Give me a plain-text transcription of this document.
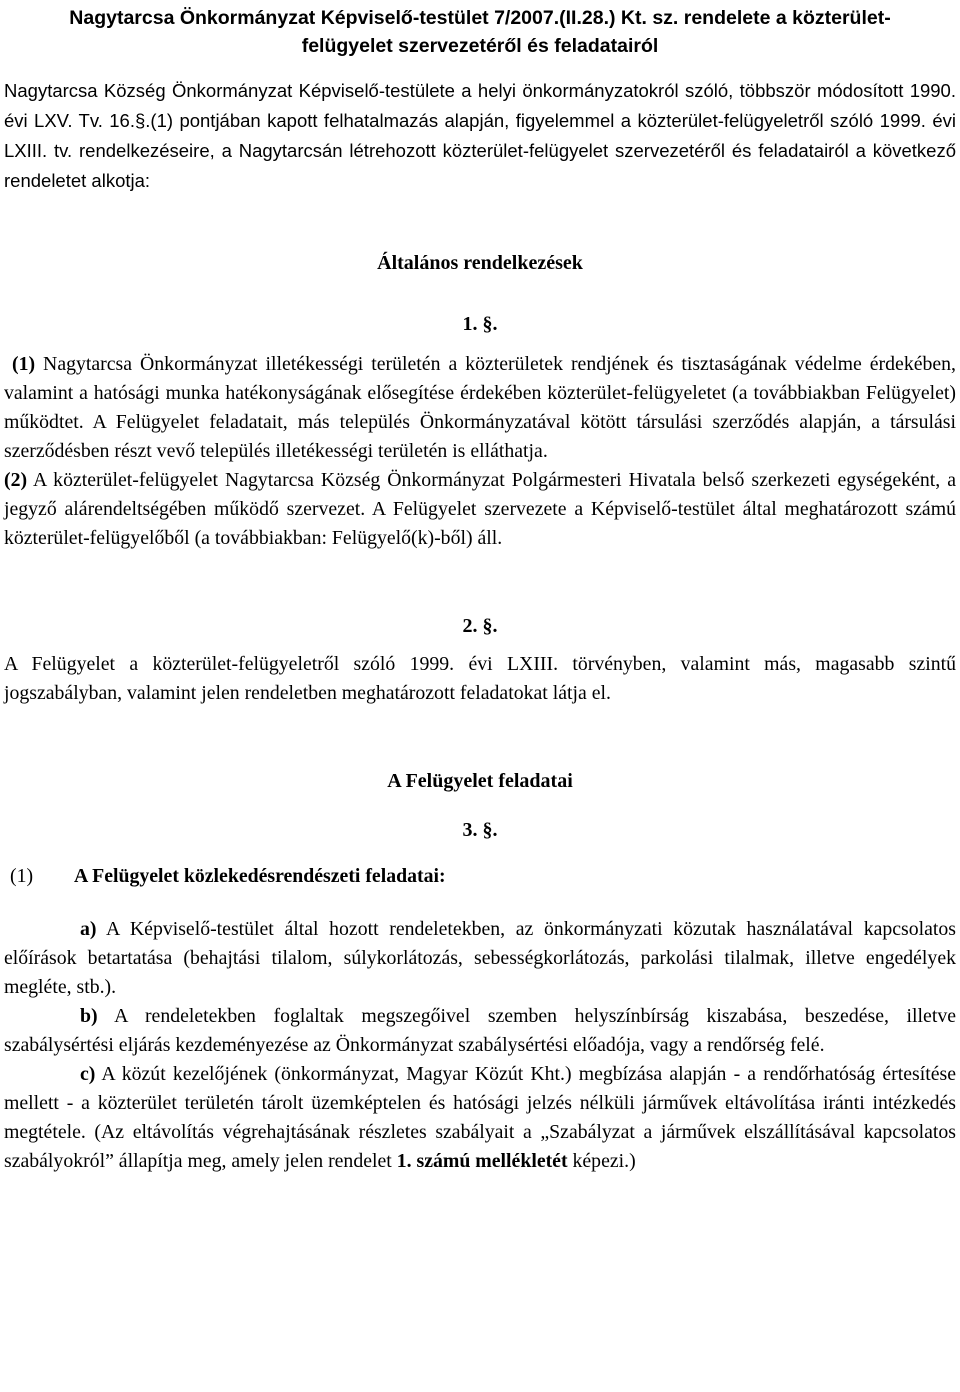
Nagytarcsa Önkormányzat Képviselő-testület 7/2007.(II.28.) Kt. sz. rendelete a közterület-felügyelet szervezetéről és feladatairól

Nagytarcsa Község Önkormányzat Képviselő-testülete a helyi önkormányzatokról szóló, többször módosított 1990. évi LXV. Tv. 16.§.(1) pontjában kapott felhatalmazás alapján, figyelemmel a közterület-felügyeletről szóló 1999. évi LXIII. tv. rendelkezéseire, a Nagytarcsán létrehozott közterület-felügyelet szervezetéről és feladatairól a következő rendeletet alkotja:

Általános rendelkezések

1. §.

(1) Nagytarcsa Önkormányzat illetékességi területén a közterületek rendjének és tisztaságának védelme érdekében, valamint a hatósági munka hatékonyságának elősegítése érdekében közterület-felügyeletet (a továbbiakban Felügyelet) működtet. A Felügyelet feladatait, más település Önkormányzatával kötött társulási szerződés alapján, a társulási szerződésben részt vevő település illetékességi területén is elláthatja.

(2) A közterület-felügyelet Nagytarcsa Község Önkormányzat Polgármesteri Hivatala belső szerkezeti egységeként, a jegyző alárendeltségében működő szervezet. A Felügyelet szervezete a Képviselő-testület által meghatározott számú közterület-felügyelőből (a továbbiakban: Felügyelő(k)-ből) áll.

2. §.

A Felügyelet a közterület-felügyeletről szóló 1999. évi LXIII. törvényben, valamint más, magasabb szintű jogszabályban, valamint jelen rendeletben meghatározott feladatokat látja el.

A Felügyelet feladatai

3. §.

(1) A Felügyelet közlekedésrendészeti feladatai:

a) A Képviselő-testület által hozott rendeletekben, az önkormányzati közutak használatával kapcsolatos előírások betartatása (behajtási tilalom, súlykorlátozás, sebességkorlátozás, parkolási tilalmak, illetve engedélyek megléte, stb.).

b) A rendeletekben foglaltak megszegőivel szemben helyszínbírság kiszabása, beszedése, illetve szabálysértési eljárás kezdeményezése az Önkormányzat szabálysértési előadója, vagy a rendőrség felé.

c) A közút kezelőjének (önkormányzat, Magyar Közút Kht.) megbízása alapján - a rendőrhatóság értesítése mellett - a közterület területén tárolt üzemképtelen és hatósági jelzés nélküli járművek eltávolítása iránti intézkedés megtétele. (Az eltávolítás végrehajtásának részletes szabályait a „Szabályzat a járművek elszállításával kapcsolatos szabályokról” állapítja meg, amely jelen rendelet 1. számú mellékletét képezi.)
